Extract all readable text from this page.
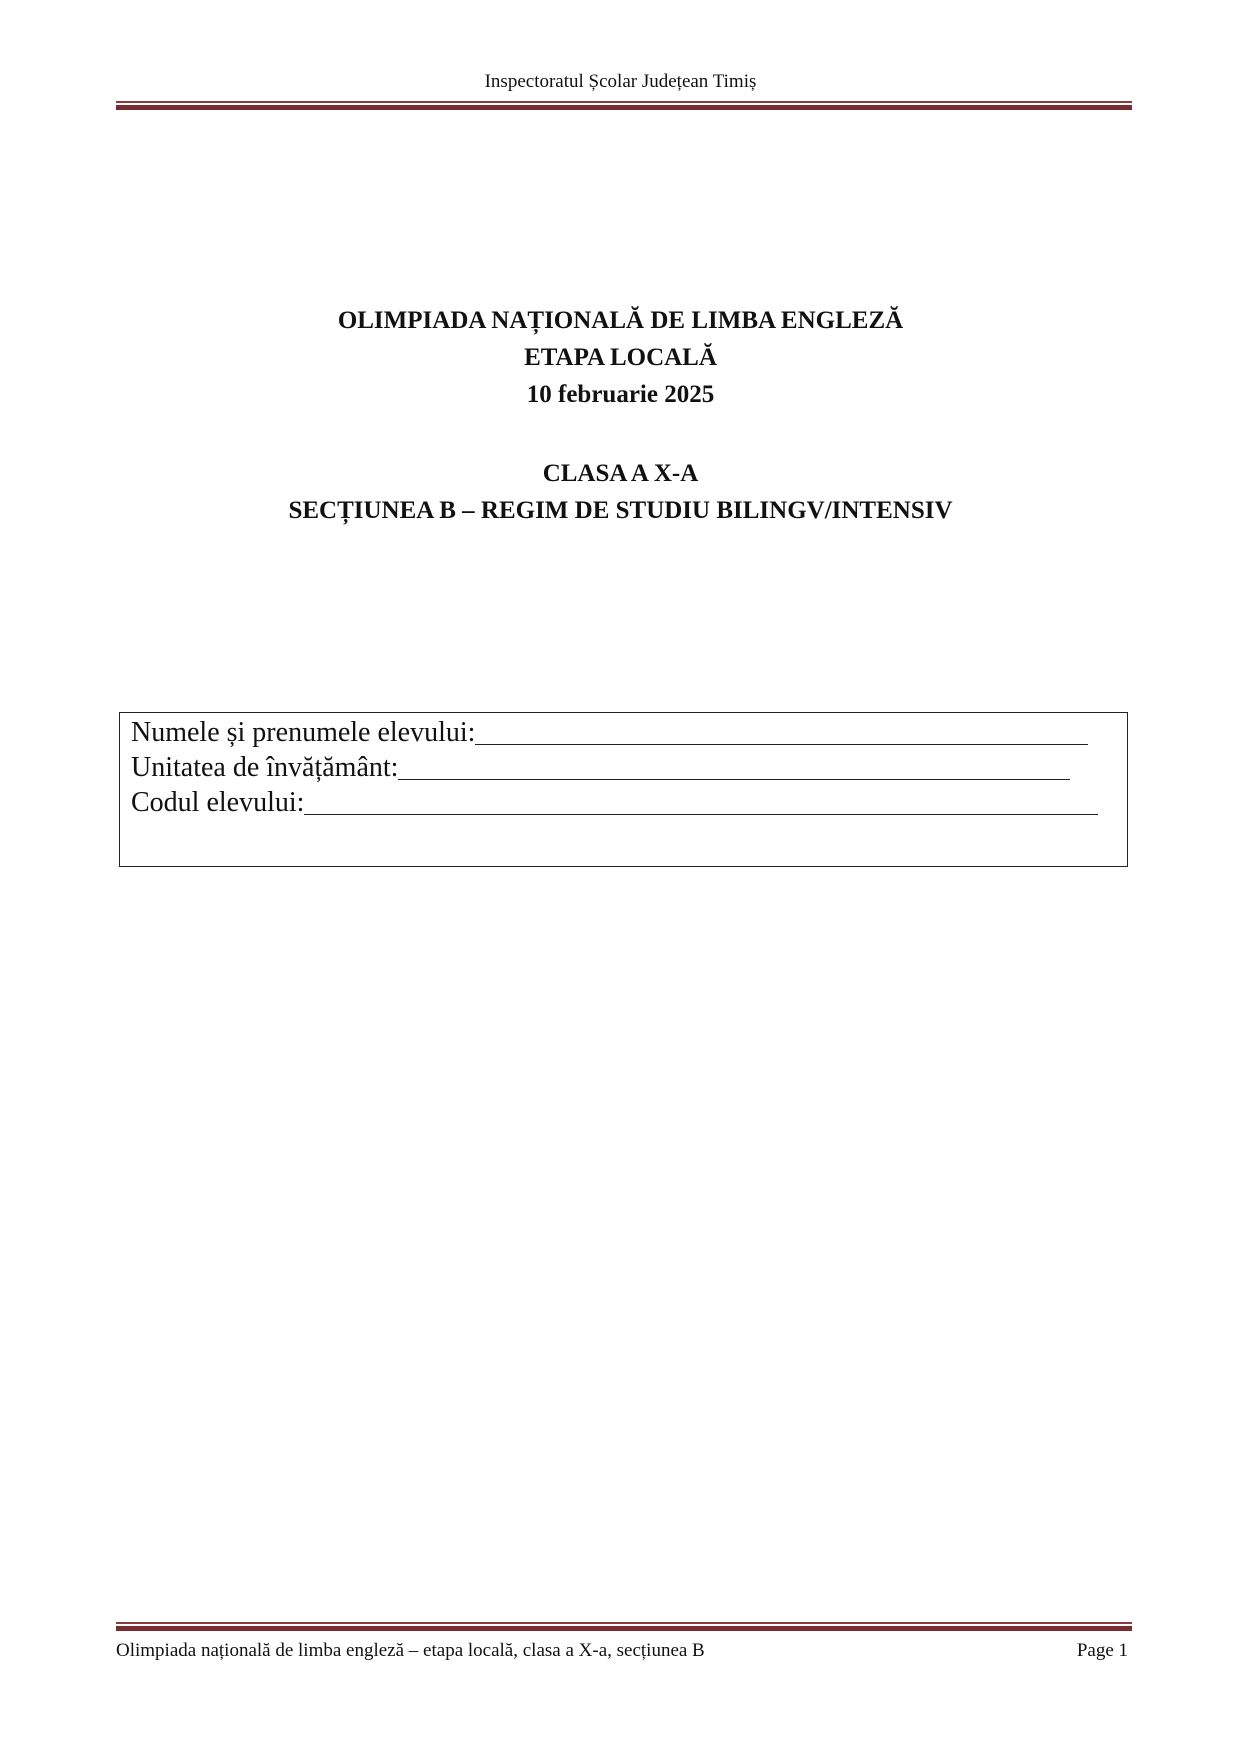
Inspectoratul Școlar Județean Timiș
OLIMPIADA NAȚIONALĂ DE LIMBA ENGLEZĂ
ETAPA LOCALĂ
10 februarie 2025
CLASA A X-A
SECȚIUNEA B – REGIM DE STUDIU BILINGV/INTENSIV
Numele și prenumele elevului:
Unitatea de învățământ:
Codul elevului:
Olimpiada națională de limba engleză – etapa locală, clasa a X-a, secțiunea B	Page 1
